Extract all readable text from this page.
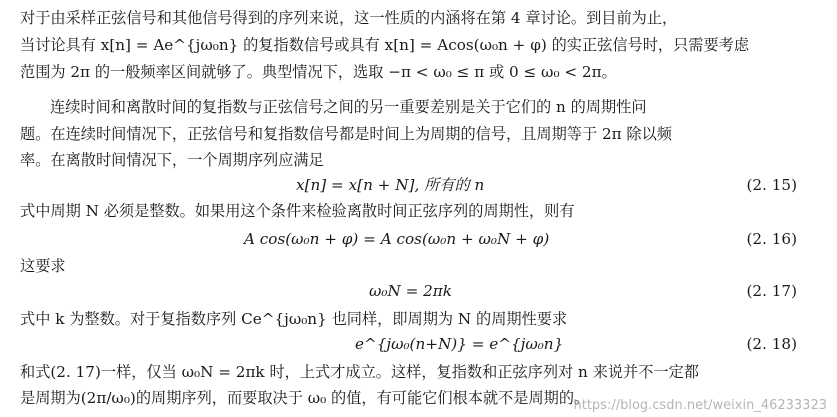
对于由采样正弦信号和其他信号得到的序列来说，这一性质的内涵将在第 4 章讨论。到目前为止，
当讨论具有 x[n] = Ae^{jω₀n} 的复指数信号或具有 x[n] = Acos(ω₀n + φ) 的实正弦信号时，只需要考虑
范围为 2π 的一般频率区间就够了。典型情况下，选取 −π < ω₀ ≤ π 或 0 ≤ ω₀ < 2π。
连续时间和离散时间的复指数与正弦信号之间的另一重要差别是关于它们的 n 的周期性问
题。在连续时间情况下，正弦信号和复指数信号都是时间上为周期的信号，且周期等于 2π 除以频
率。在离散时间情况下，一个周期序列应满足
x[n] = x[n + N], 所有的 n	(2. 15)
式中周期 N 必须是整数。如果用这个条件来检验离散时间正弦序列的周期性，则有
A cos(ω₀n + φ) = A cos(ω₀n + ω₀N + φ)	(2. 16)
这要求
ω₀N = 2πk	(2. 17)
式中 k 为整数。对于复指数序列 Ce^{jω₀n} 也同样，即周期为 N 的周期性要求
e^{jω₀(n+N)} = e^{jω₀n}	(2. 18)
和式(2. 17)一样，仅当 ω₀N = 2πk 时，上式才成立。这样，复指数和正弦序列对 n 来说并不一定都
是周期为(2π/ω₀)的周期序列，而要取决于 ω₀ 的值，有可能它们根本就不是周期的。
https://blog.csdn.net/weixin_46233323
